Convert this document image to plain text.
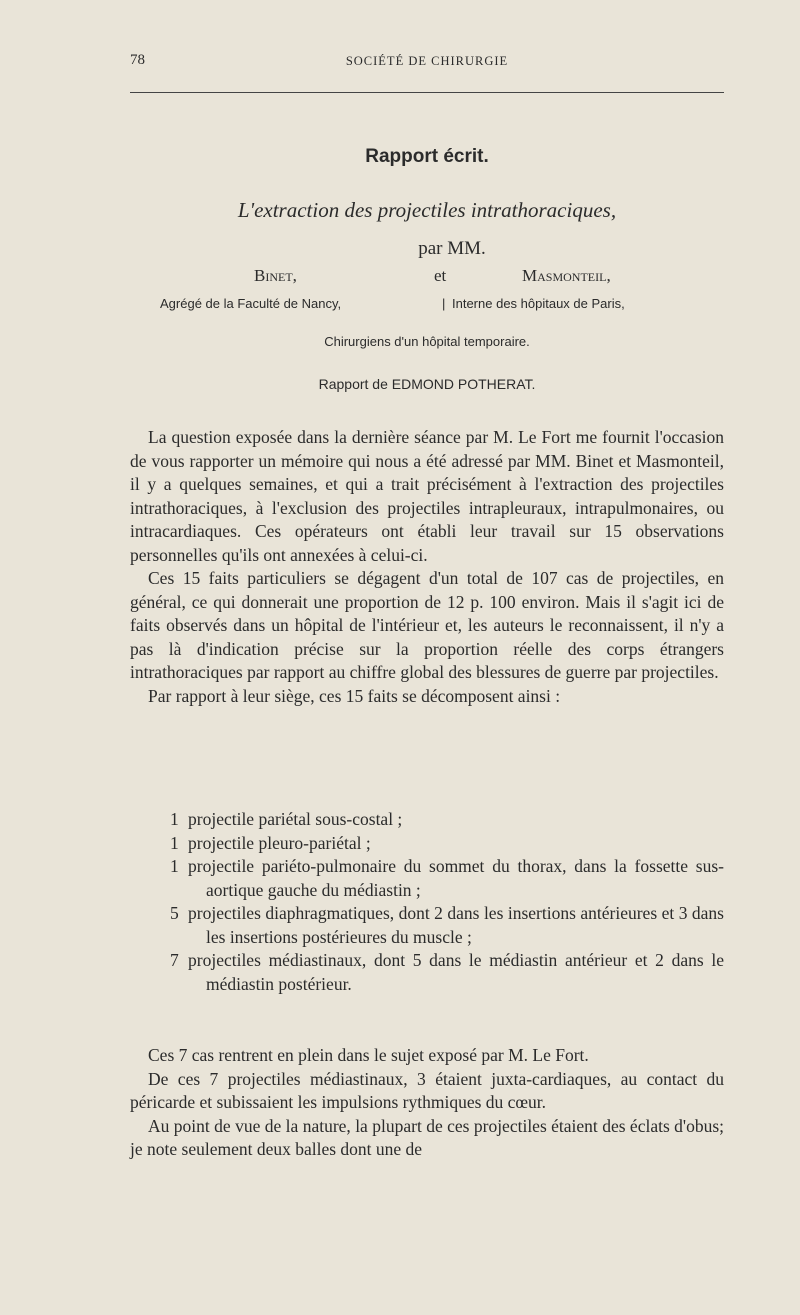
78	SOCIÉTÉ DE CHIRURGIE
Rapport écrit.
L'extraction des projectiles intrathoraciques,
par MM.
Binet,	et	Masmonteil,
Agrégé de la Faculté de Nancy,	| Interne des hôpitaux de Paris,
Chirurgiens d'un hôpital temporaire.
Rapport de EDMOND POTHERAT.

La question exposée dans la dernière séance par M. Le Fort me fournit l'occasion de vous rapporter un mémoire qui nous a été adressé par MM. Binet et Masmonteil, il y a quelques semaines, et qui a trait précisément à l'extraction des projectiles intrathoraciques, à l'exclusion des projectiles intrapleuraux, intrapulmonaires, ou intracardiaques. Ces opérateurs ont établi leur travail sur 15 observations personnelles qu'ils ont annexées à celui-ci.

Ces 15 faits particuliers se dégagent d'un total de 107 cas de projectiles, en général, ce qui donnerait une proportion de 12 p. 100 environ. Mais il s'agit ici de faits observés dans un hôpital de l'intérieur et, les auteurs le reconnaissent, il n'y a pas là d'indication précise sur la proportion réelle des corps étrangers intrathoraciques par rapport au chiffre global des blessures de guerre par projectiles.

Par rapport à leur siège, ces 15 faits se décomposent ainsi :

1 projectile pariétal sous-costal ;
1 projectile pleuro-pariétal ;
1 projectile pariéto-pulmonaire du sommet du thorax, dans la fossette sus-aortique gauche du médiastin ;
5 projectiles diaphragmatiques, dont 2 dans les insertions antérieures et 3 dans les insertions postérieures du muscle ;
7 projectiles médiastinaux, dont 5 dans le médiastin antérieur et 2 dans le médiastin postérieur.

Ces 7 cas rentrent en plein dans le sujet exposé par M. Le Fort.

De ces 7 projectiles médiastinaux, 3 étaient juxta-cardiaques, au contact du péricarde et subissaient les impulsions rythmiques du cœur.

Au point de vue de la nature, la plupart de ces projectiles étaient des éclats d'obus; je note seulement deux balles dont une de
